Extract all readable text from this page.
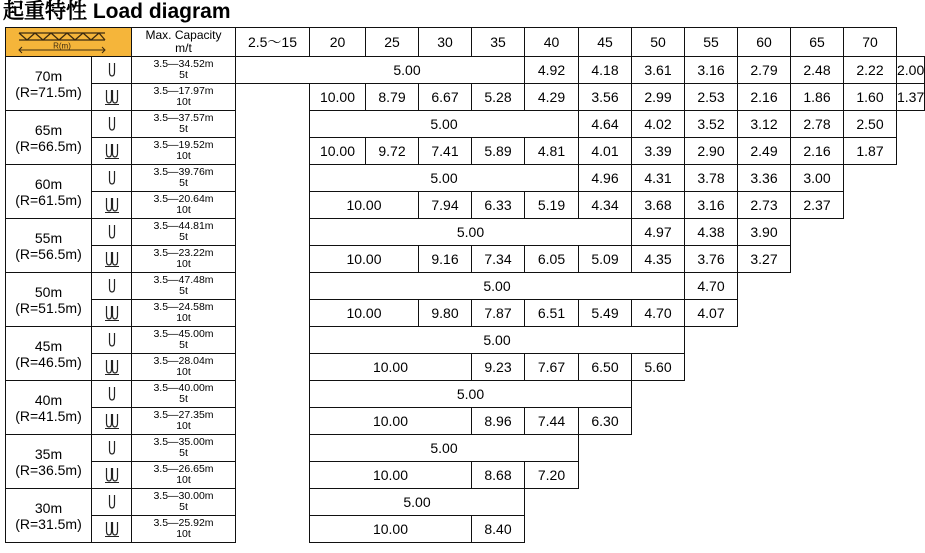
起重特性 Load diagram
R(m)
Max. Capacity
m/t	2.5～15 20	25	30	35	40	45	50	55	60	65	70
70m
(R=71.5m)
3.5—34.52m
5t	5.00	4.92 4.18 3.61 3.16 2.79 2.48 2.22 2.00
3.5—17.97m
10t	10.00 8.79 6.67 5.28 4.29 3.56 2.99 2.53 2.16 1.86 1.60 1.37
65m
(R=66.5m)
3.5—37.57m
5t	5.00	4.64 4.02 3.52 3.12 2.78 2.50
3.5—19.52m
10t	10.00 9.72 7.41 5.89 4.81 4.01 3.39 2.90 2.49 2.16 1.87
60m
(R=61.5m)
3.5—39.76m
5t	5.00	4.96 4.31 3.78 3.36 3.00
3.5—20.64m
10t	10.00	7.94 6.33 5.19 4.34 3.68 3.16 2.73 2.37
55m
(R=56.5m)
3.5—44.81m
5t	5.00	4.97 4.38 3.90
3.5—23.22m
10t	10.00	9.16 7.34 6.05 5.09 4.35 3.76 3.27
50m
(R=51.5m)
3.5—47.48m
5t	5.00	4.70
3.5—24.58m
10t	10.00	9.80 7.87 6.51 5.49 4.70 4.07
45m
(R=46.5m)
3.5—45.00m
5t	5.00
3.5—28.04m
10t	10.00	9.23 7.67 6.50 5.60
40m
(R=41.5m)
3.5—40.00m
5t	5.00
3.5—27.35m
10t	10.00	8.96 7.44 6.30
35m
(R=36.5m)
3.5—35.00m
5t	5.00
3.5—26.65m
10t	10.00	8.68 7.20
30m
(R=31.5m)
3.5—30.00m
5t	5.00
3.5—25.92m
10t	10.00	8.40
